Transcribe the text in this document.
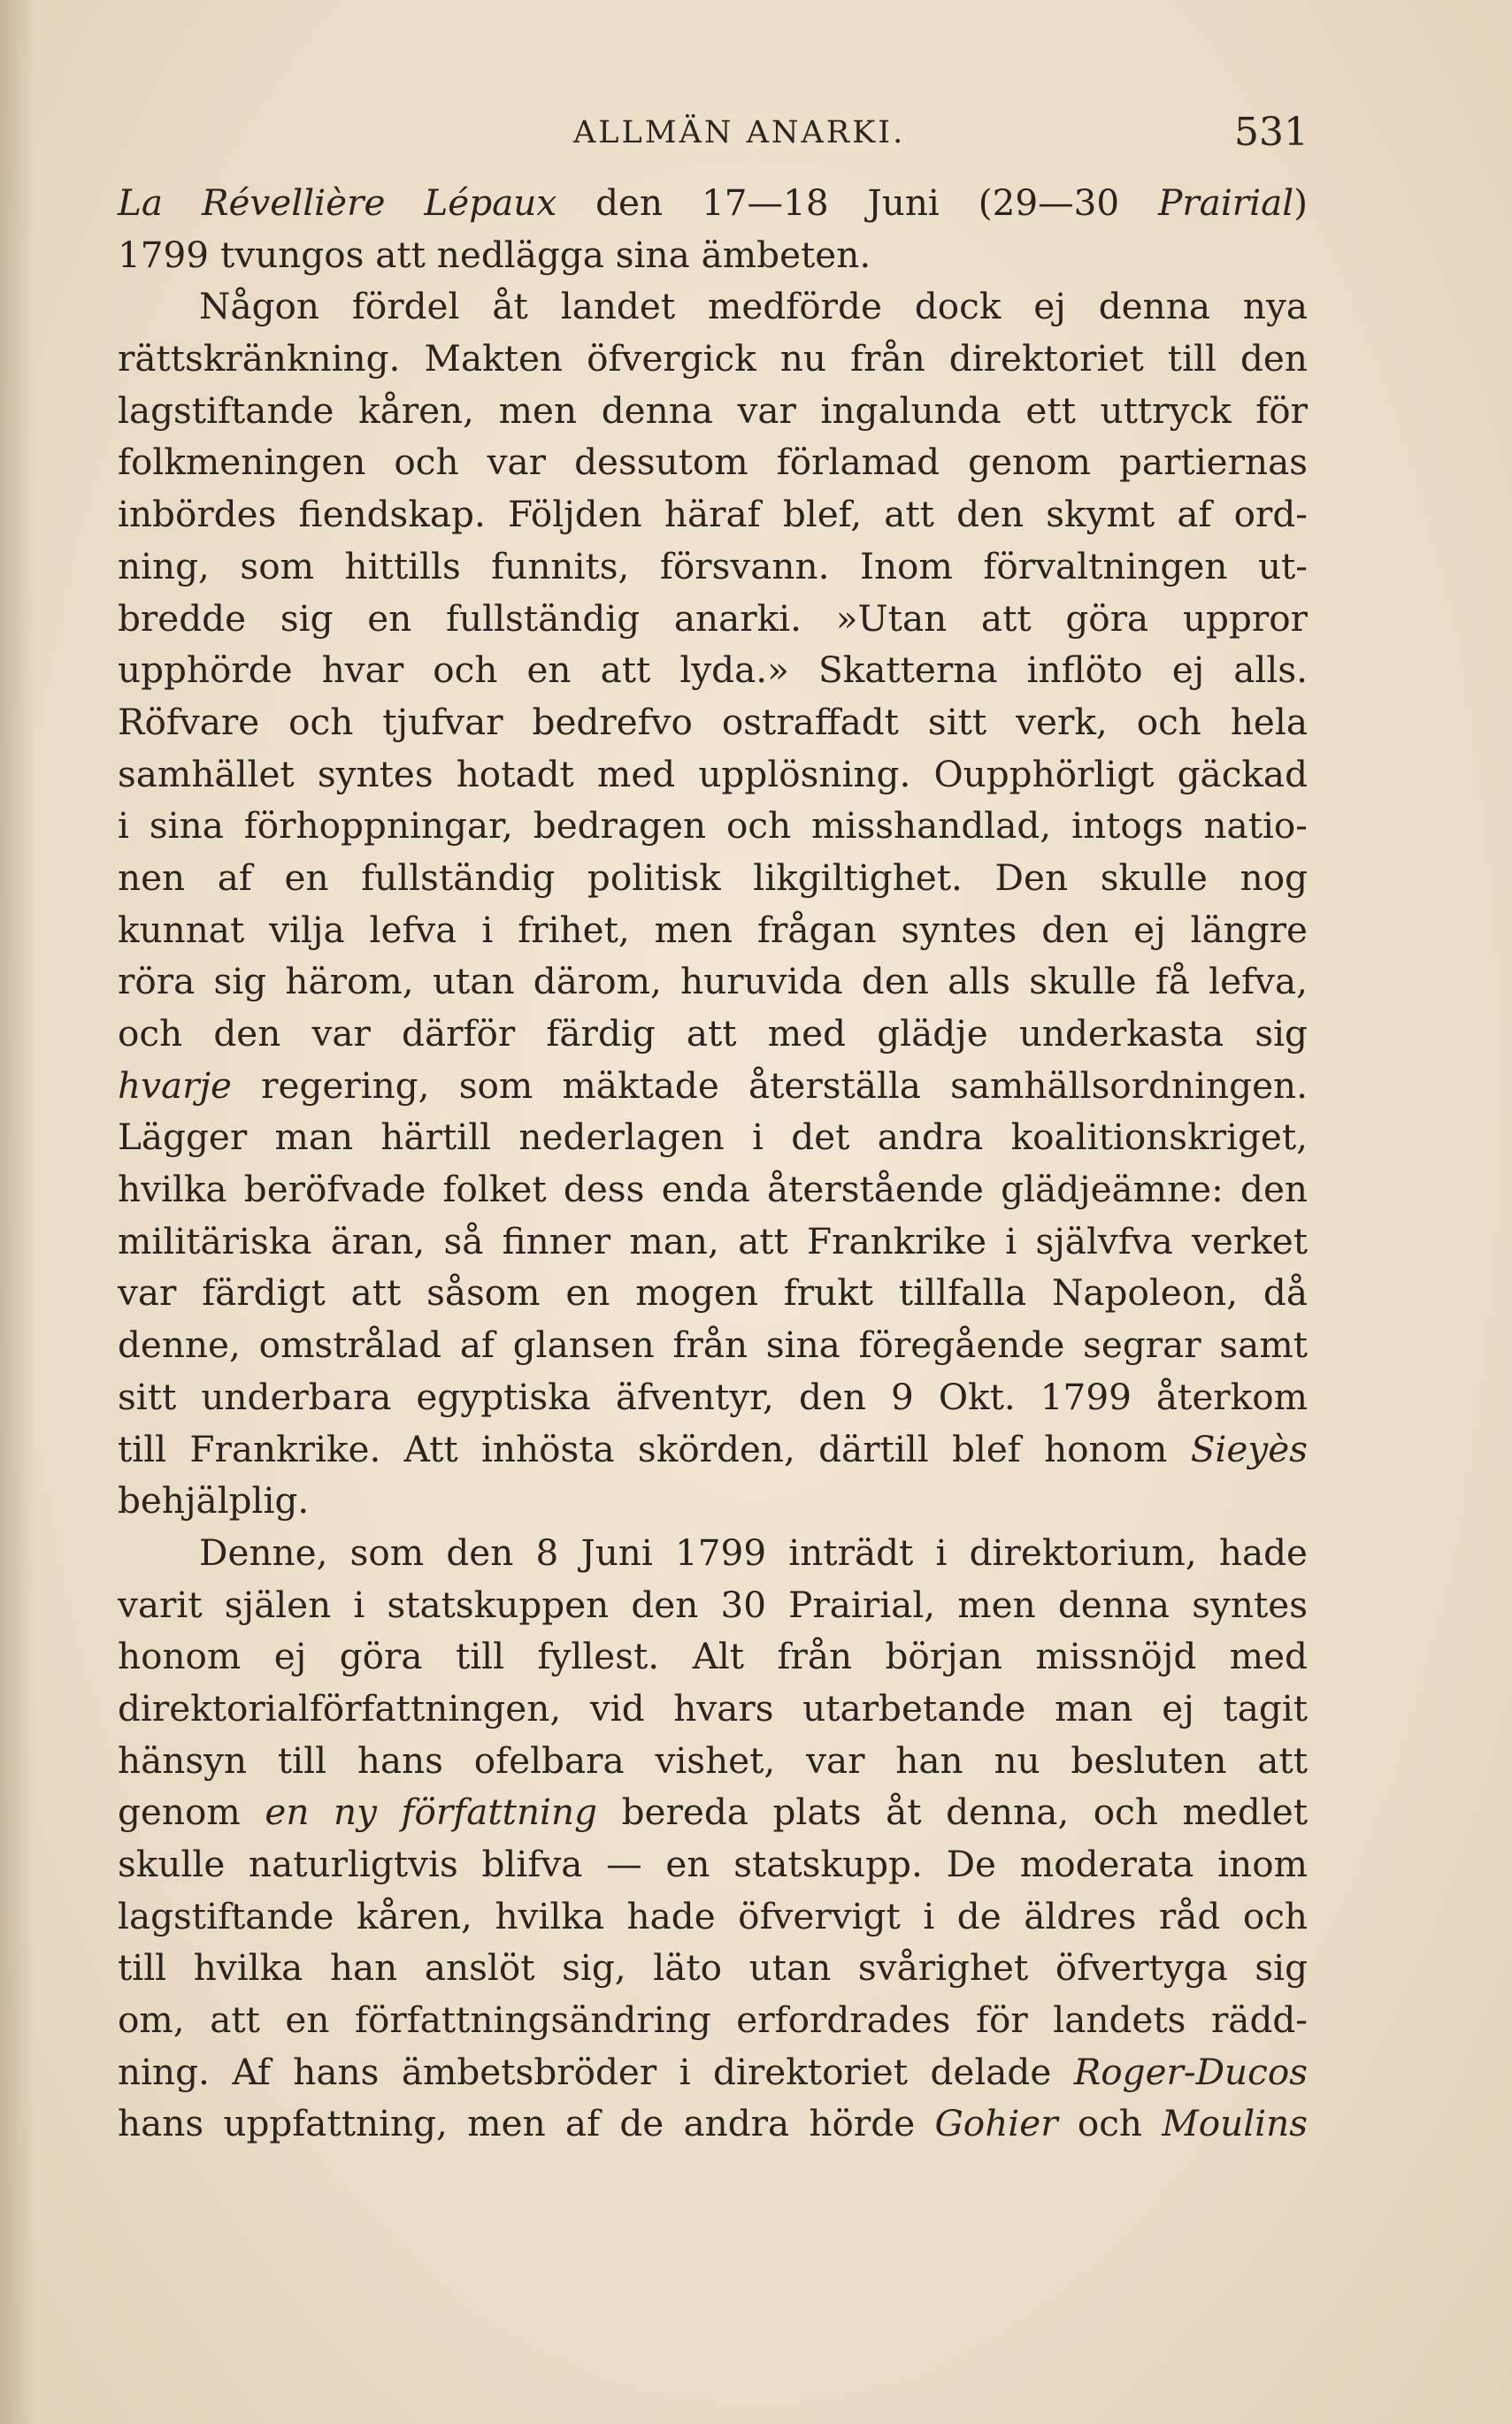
ALLMÄN ANARKI.	531
La Révellière Lépaux den 17—18 Juni (29—30 Prairial)
1799 tvungos att nedlägga sina ämbeten.
Någon fördel åt landet medförde dock ej denna nya
rättskränkning. Makten öfvergick nu från direktoriet till den
lagstiftande kåren, men denna var ingalunda ett uttryck för
folkmeningen och var dessutom förlamad genom partiernas
inbördes fiendskap. Följden häraf blef, att den skymt af ord-
ning, som hittills funnits, försvann. Inom förvaltningen ut-
bredde sig en fullständig anarki. »Utan att göra uppror
upphörde hvar och en att lyda.» Skatterna inflöto ej alls.
Röfvare och tjufvar bedrefvo ostraffadt sitt verk, och hela
samhället syntes hotadt med upplösning. Oupphörligt gäckad
i sina förhoppningar, bedragen och misshandlad, intogs natio-
nen af en fullständig politisk likgiltighet. Den skulle nog
kunnat vilja lefva i frihet, men frågan syntes den ej längre
röra sig härom, utan därom, huruvida den alls skulle få lefva,
och den var därför färdig att med glädje underkasta sig
hvarje regering, som mäktade återställa samhällsordningen.
Lägger man härtill nederlagen i det andra koalitionskriget,
hvilka beröfvade folket dess enda återstående glädjeämne: den
militäriska äran, så finner man, att Frankrike i självfva verket
var färdigt att såsom en mogen frukt tillfalla Napoleon, då
denne, omstrålad af glansen från sina föregående segrar samt
sitt underbara egyptiska äfventyr, den 9 Okt. 1799 återkom
till Frankrike. Att inhösta skörden, därtill blef honom Sieyès
behjälplig.
Denne, som den 8 Juni 1799 inträdt i direktorium, hade
varit själen i statskuppen den 30 Prairial, men denna syntes
honom ej göra till fyllest. Alt från början missnöjd med
direktorialförfattningen, vid hvars utarbetande man ej tagit
hänsyn till hans ofelbara vishet, var han nu besluten att
genom en ny författning bereda plats åt denna, och medlet
skulle naturligtvis blifva — en statskupp. De moderata inom
lagstiftande kåren, hvilka hade öfvervigt i de äldres råd och
till hvilka han anslöt sig, läto utan svårighet öfvertyga sig
om, att en författningsändring erfordrades för landets rädd-
ning. Af hans ämbetsbröder i direktoriet delade Roger-Ducos
hans uppfattning, men af de andra hörde Gohier och Moulins
